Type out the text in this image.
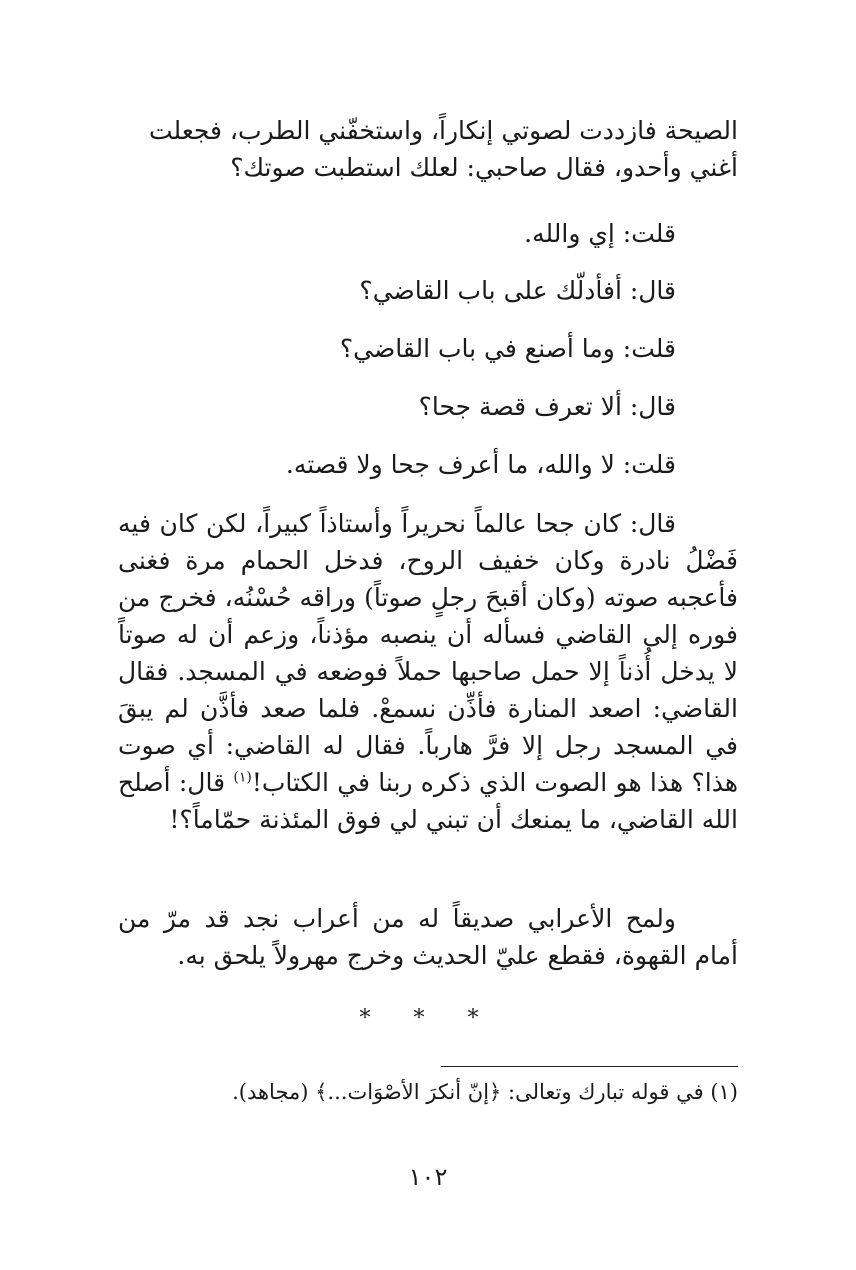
الصيحة فازددت لصوتي إنكاراً، واستخفّني الطرب، فجعلت
أغني وأحدو، فقال صاحبي: لعلك استطبت صوتك؟

قلت: إي والله.

قال: أفأدلّك على باب القاضي؟

قلت: وما أصنع في باب القاضي؟

قال: ألا تعرف قصة جحا؟

قلت: لا والله، ما أعرف جحا ولا قصته.

قال: كان جحا عالماً نحريراً وأستاذاً كبيراً، لكن كان فيه فَضْلُ نادرة وكان خفيف الروح، فدخل الحمام مرة فغنى فأعجبه صوته (وكان أقبحَ رجلٍ صوتاً) وراقه حُسْنُه، فخرج من فوره إلى القاضي فسأله أن ينصبه مؤذناً، وزعم أن له صوتاً لا يدخل أُذناً إلا حمل صاحبها حملاً فوضعه في المسجد. فقال القاضي: اصعد المنارة فأذِّن نسمعْ. فلما صعد فأذَّن لم يبقَ في المسجد رجل إلا فرَّ هارباً. فقال له القاضي: أي صوت هذا؟ هذا هو الصوت الذي ذكره ربنا في الكتاب!$^{(١)}$ قال: أصلح الله القاضي، ما يمنعك أن تبني لي فوق المئذنة حمّاماً؟!

ولمح الأعرابي صديقاً له من أعراب نجد قد مرّ من أمام القهوة، فقطع عليّ الحديث وخرج مهرولاً يلحق به.

* * *

(١) في قوله تبارك وتعالى: ﴿إنّ أنكرَ الأصْوَات...﴾ (مجاهد).

١٠٢
